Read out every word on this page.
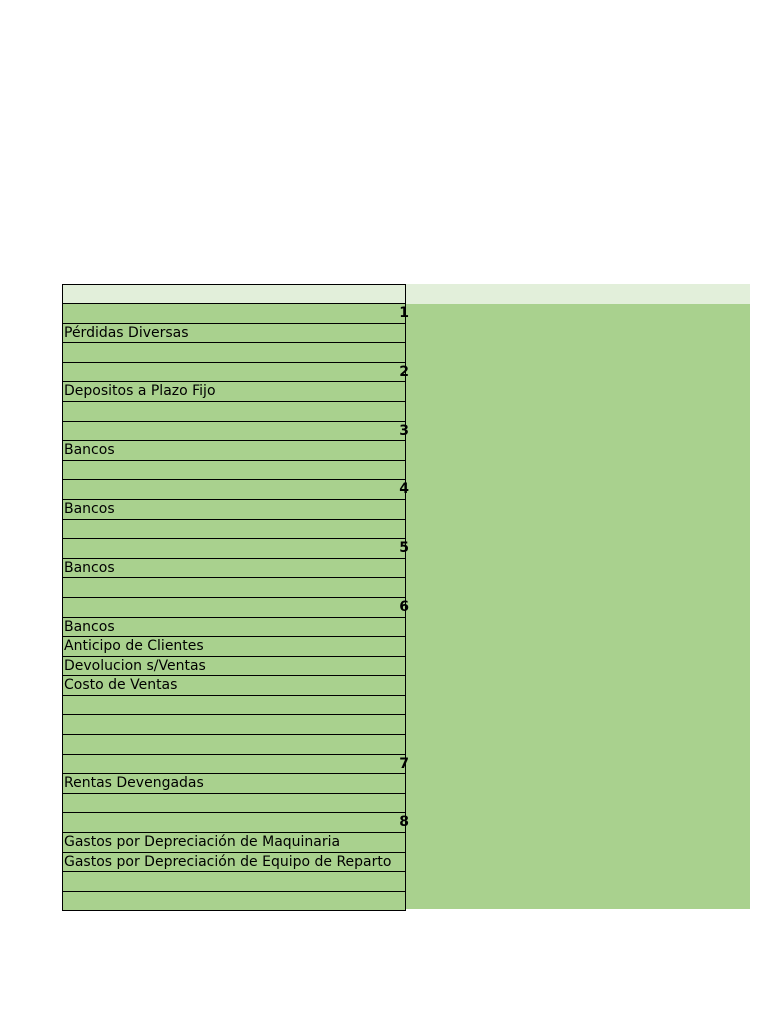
1
Pérdidas Diversas
2
Depositos a Plazo Fijo
3
Bancos
4
Bancos
5
Bancos
6
Bancos
Anticipo de Clientes
Devolucion s/Ventas
Costo de Ventas
7
Rentas Devengadas
8
Gastos por Depreciación de Maquinaria
Gastos por Depreciación de Equipo de Reparto
